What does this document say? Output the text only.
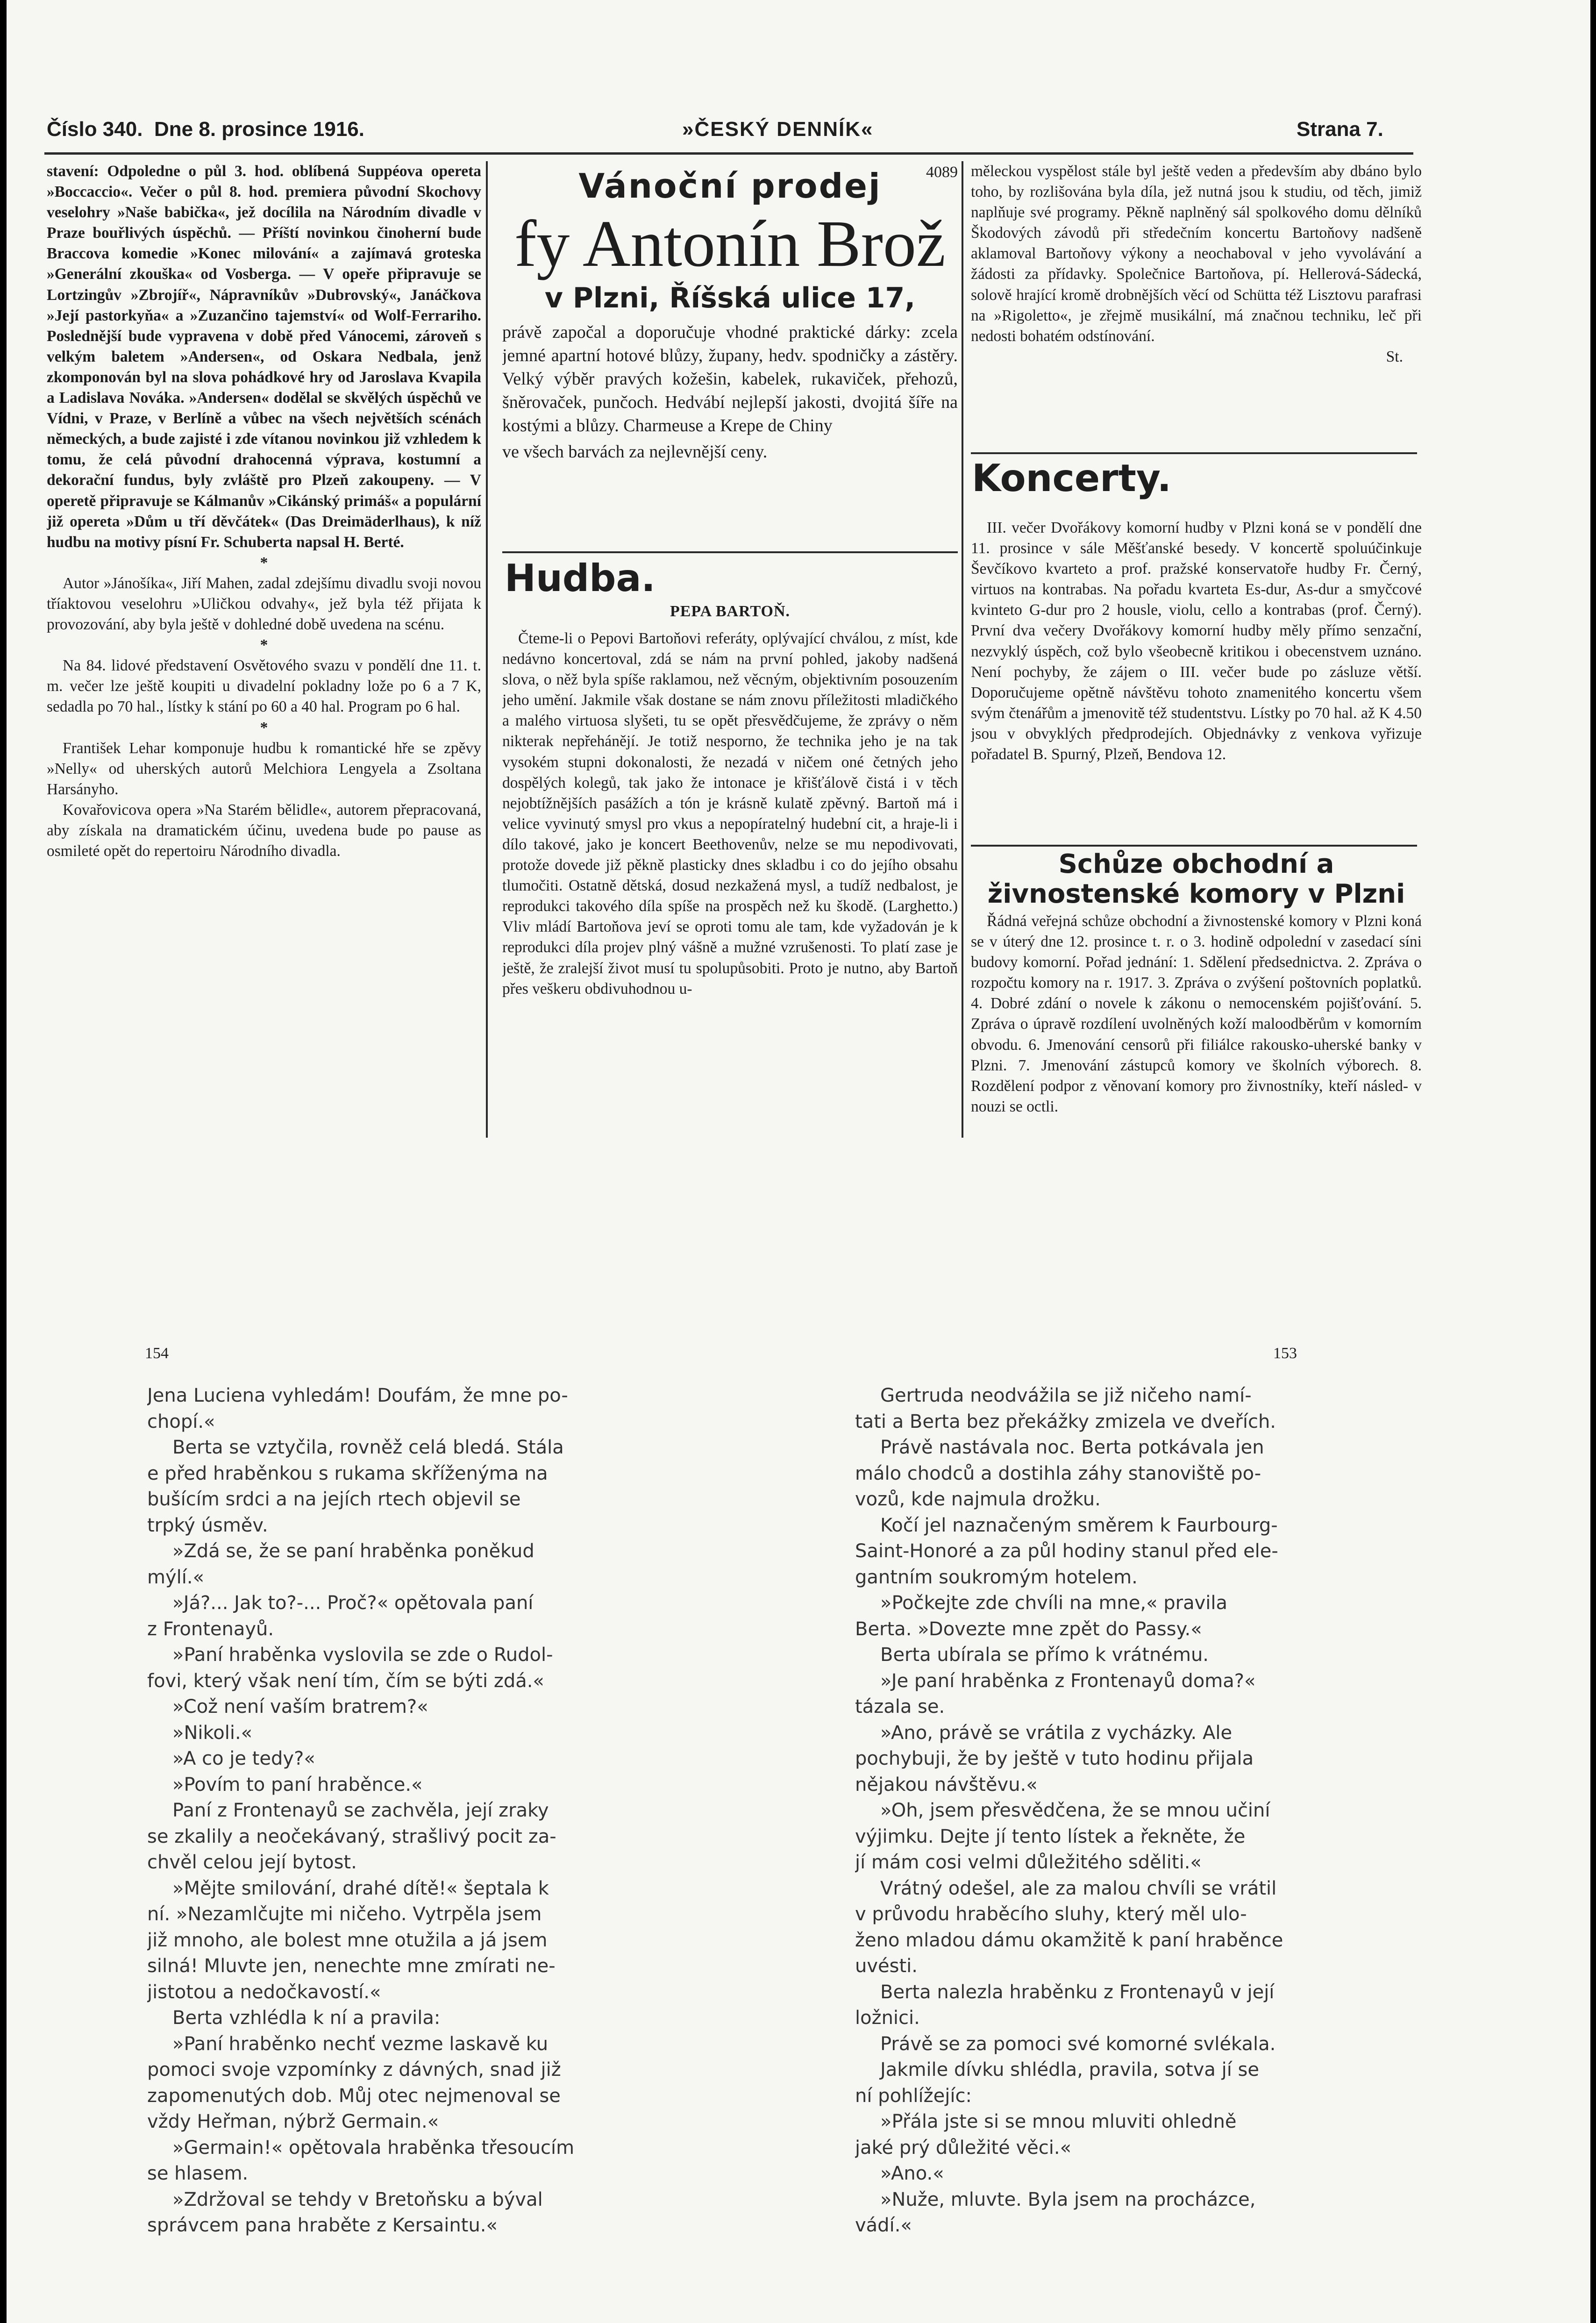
Číslo 340. Dne 8. prosince 1916.	»ČESKÝ DENNÍK«	Strana 7.

stavení: Odpoledne o půl 3. hod. oblíbená Suppéova opereta »Boccaccio«. Večer o půl 8. hod. premiera původní Skochovy veselohry »Naše babička«, jež docílila na Národním divadle v Praze bouřlivých úspěchů. — Příští novinkou činoherní bude Braccova komedie »Konec milování« a zajímavá groteska »Generální zkouška« od Vosberga. — V opeře připravuje se Lortzingův »Zbrojíř«, Nápravníkův »Dubrovský«, Janáčkova »Její pastorkyňa« a »Zuzančino tajemství« od Wolf-Ferrariho. Poslednější bude vypravena v době před Vánocemi, zároveň s velkým baletem »Andersen«, od Oskara Nedbala, jenž zkomponován byl na slova pohádkové hry od Jaroslava Kvapila a Ladislava Nováka. »Andersen« dodělal se skvělých úspěchů ve Vídni, v Praze, v Berlíně a vůbec na všech největších scénách německých, a bude zajisté i zde vítanou novinkou již vzhledem k tomu, že celá původní drahocenná výprava, kostumní a dekorační fundus, byly zvláště pro Plzeň zakoupeny. — V operetě připravuje se Kálmanův »Cikánský primáš« a populární již opereta »Dům u tří děvčátek« (Das Dreimäderlhaus), k níž hudbu na motivy písní Fr. Schuberta napsal H. Berté.

*

Autor »Jánošíka«, Jiří Mahen, zadal zdejšímu divadlu svoji novou tříaktovou veselohru »Uličkou odvahy«, jež byla též přijata k provozování, aby byla ještě v dohledné době uvedena na scénu.

*

Na 84. lidové představení Osvětového svazu v pondělí dne 11. t. m. večer lze ještě koupiti u divadelní pokladny lože po 6 a 7 K, sedadla po 70 hal., lístky k stání po 60 a 40 hal. Program po 6 hal.

*

František Lehar komponuje hudbu k romantické hře se zpěvy »Nelly« od uherských autorů Melchiora Lengyela a Zsoltana Harsányho.

Kovařovicova opera »Na Starém bělidle«, autorem přepracovaná, aby získala na dramatickém účinu, uvedena bude po pause as osmileté opět do repertoiru Národního divadla.

4089
Vánoční prodej
fy Antonín Brož
v Plzni, Říšská ulice 17,
právě započal a doporučuje vhodné praktické dárky: zcela jemné apartní hotové blůzy, župany, hedv. spodničky a zástěry. Velký výběr pravých kožešin, kabelek, rukaviček, přehozů, šněrovaček, punčoch. Hedvábí nejlepší jakosti, dvojitá šíře na kostými a blůzy. Charmeuse a Krepe de Chiny
ve všech barvách za nejlevnější ceny.
Hudba.
PEPA BARTOŇ.

Čteme-li o Pepovi Bartoňovi referáty, oplývající chválou, z míst, kde nedávno koncertoval, zdá se nám na první pohled, jakoby nadšená slova, o něž byla spíše raklamou, než věcným, objektivním posouzením jeho umění. Jakmile však dostane se nám znovu příležitosti mladičkého a malého virtuosa slyšeti, tu se opět přesvědčujeme, že zprávy o něm nikterak nepřehánějí. Je totiž nesporno, že technika jeho je na tak vysokém stupni dokonalosti, že nezadá v ničem oné četných jeho dospělých kolegů, tak jako že intonace je křišťálově čistá i v těch nejobtížnějších pasážích a tón je krásně kulatě zpěvný. Bartoň má i velice vyvinutý smysl pro vkus a nepopíratelný hudební cit, a hraje-li i dílo takové, jako je koncert Beethovenův, nelze se mu nepodivovati, protože dovede již pěkně plasticky dnes skladbu i co do jejího obsahu tlumočiti. Ostatně dětská, dosud nezkažená mysl, a tudíž nedbalost, je reprodukci takového díla spíše na prospěch než ku škodě. (Larghetto.) Vliv mládí Bartoňova jeví se oproti tomu ale tam, kde vyžadován je k reprodukci díla projev plný vášně a mužné vzrušenosti. To platí zase je ještě, že zralejší život musí tu spolupůsobiti. Proto je nutno, aby Bartoň přes veškeru obdivuhodnou u-

měleckou vyspělost stále byl ještě veden a především aby dbáno bylo toho, by rozlišována byla díla, jež nutná jsou k studiu, od těch, jimiž naplňuje své programy. Pěkně naplněný sál spolkového domu dělníků Škodových závodů při středečním koncertu Bartoňovy nadšeně aklamoval Bartoňovy výkony a neochaboval v jeho vyvolávání a žádosti za přídavky. Společnice Bartoňova, pí. Hellerová-Sádecká, solově hrající kromě drobnějších věcí od Schütta též Lisztovu parafrasi na »Rigoletto«, je zřejmě musikální, má značnou techniku, leč při nedosti bohatém odstínování.

St.

Koncerty.

III. večer Dvořákovy komorní hudby v Plzni koná se v pondělí dne 11. prosince v sále Měšťanské besedy. V koncertě spoluúčinkuje Ševčíkovo kvarteto a prof. pražské konservatoře hudby Fr. Černý, virtuos na kontrabas. Na pořadu kvarteta Es-dur, As-dur a smyčcové kvinteto G-dur pro 2 housle, violu, cello a kontrabas (prof. Černý). První dva večery Dvořákovy komorní hudby měly přímo senzační, nezvyklý úspěch, což bylo všeobecně kritikou i obecenstvem uznáno. Není pochyby, že zájem o III. večer bude po zásluze větší. Doporučujeme opětně návštěvu tohoto znamenitého koncertu všem svým čtenářům a jmenovitě též studentstvu. Lístky po 70 hal. až K 4.50 jsou v obvyklých předprodejích. Objednávky z venkova vyřizuje pořadatel B. Spurný, Plzeň, Bendova 12.

Schůze obchodní a živnostenské komory v Plzni

Řádná veřejná schůze obchodní a živnostenské komory v Plzni koná se v úterý dne 12. prosince t. r. o 3. hodině odpolední v zasedací síni budovy komorní. Pořad jednání: 1. Sdělení předsednictva. 2. Zpráva o rozpočtu komory na r. 1917. 3. Zpráva o zvýšení poštovních poplatků. 4. Dobré zdání o novele k zákonu o nemocenském pojišťování. 5. Zpráva o úpravě rozdílení uvolněných koží maloodběrům v komorním obvodu. 6. Jmenování censorů při filiálce rakousko-uherské banky v Plzni. 7. Jmenování zástupců komory ve školních výborech. 8. Rozdělení podpor z věnovaní komory pro živnostníky, kteří násled- v nouzi se octli.

154	153

Jena Luciena vyhledám! Doufám, že mne po-

chopí.«

Berta se vztyčila, rovněž celá bledá. Stála

e před hraběnkou s rukama skříženýma na

bušícím srdci a na jejích rtech objevil se

trpký úsměv.

»Zdá se, že se paní hraběnka poněkud

mýlí.«

»Já?... Jak to?-... Proč?« opětovala paní

z Frontenayů.

»Paní hraběnka vyslovila se zde o Rudol-

fovi, který však není tím, čím se býti zdá.«

»Což není vaším bratrem?«

»Nikoli.«

»A co je tedy?«

»Povím to paní hraběnce.«

Paní z Frontenayů se zachvěla, její zraky

se zkalily a neočekávaný, strašlivý pocit za-

chvěl celou její bytost.

»Mějte smilování, drahé dítě!« šeptala k

ní. »Nezamlčujte mi ničeho. Vytrpěla jsem

již mnoho, ale bolest mne otužila a já jsem

silná! Mluvte jen, nenechte mne zmírati ne-

jistotou a nedočkavostí.«

Berta vzhlédla k ní a pravila:

»Paní hraběnko nechť vezme laskavě ku

pomoci svoje vzpomínky z dávných, snad již

zapomenutých dob. Můj otec nejmenoval se

vždy Heřman, nýbrž Germain.«

»Germain!« opětovala hraběnka třesoucím

se hlasem.

»Zdržoval se tehdy v Bretoňsku a býval

správcem pana hraběte z Kersaintu.«

Gertruda neodvážila se již ničeho namí-

tati a Berta bez překážky zmizela ve dveřích.

Právě nastávala noc. Berta potkávala jen

málo chodců a dostihla záhy stanoviště po-

vozů, kde najmula drožku.

Kočí jel naznačeným směrem k Faurbourg-

Saint-Honoré a za půl hodiny stanul před ele-

gantním soukromým hotelem.

»Počkejte zde chvíli na mne,« pravila

Berta. »Dovezte mne zpět do Passy.«

Berta ubírala se přímo k vrátnému.

»Je paní hraběnka z Frontenayů doma?«

tázala se.

»Ano, právě se vrátila z vycházky. Ale

pochybuji, že by ještě v tuto hodinu přijala

nějakou návštěvu.«

»Oh, jsem přesvědčena, že se mnou učiní

výjimku. Dejte jí tento lístek a řekněte, že

jí mám cosi velmi důležitého sděliti.«

Vrátný odešel, ale za malou chvíli se vrátil

v průvodu hraběcího sluhy, který měl ulo-

ženo mladou dámu okamžitě k paní hraběnce

uvésti.

Berta nalezla hraběnku z Frontenayů v její

ložnici.

Právě se za pomoci své komorné svlékala.

Jakmile dívku shlédla, pravila, sotva jí se

ní pohlížejíc:

»Přála jste si se mnou mluviti ohledně

jaké prý důležité věci.«

»Ano.«

»Nuže, mluvte. Byla jsem na procházce,

vádí.«
